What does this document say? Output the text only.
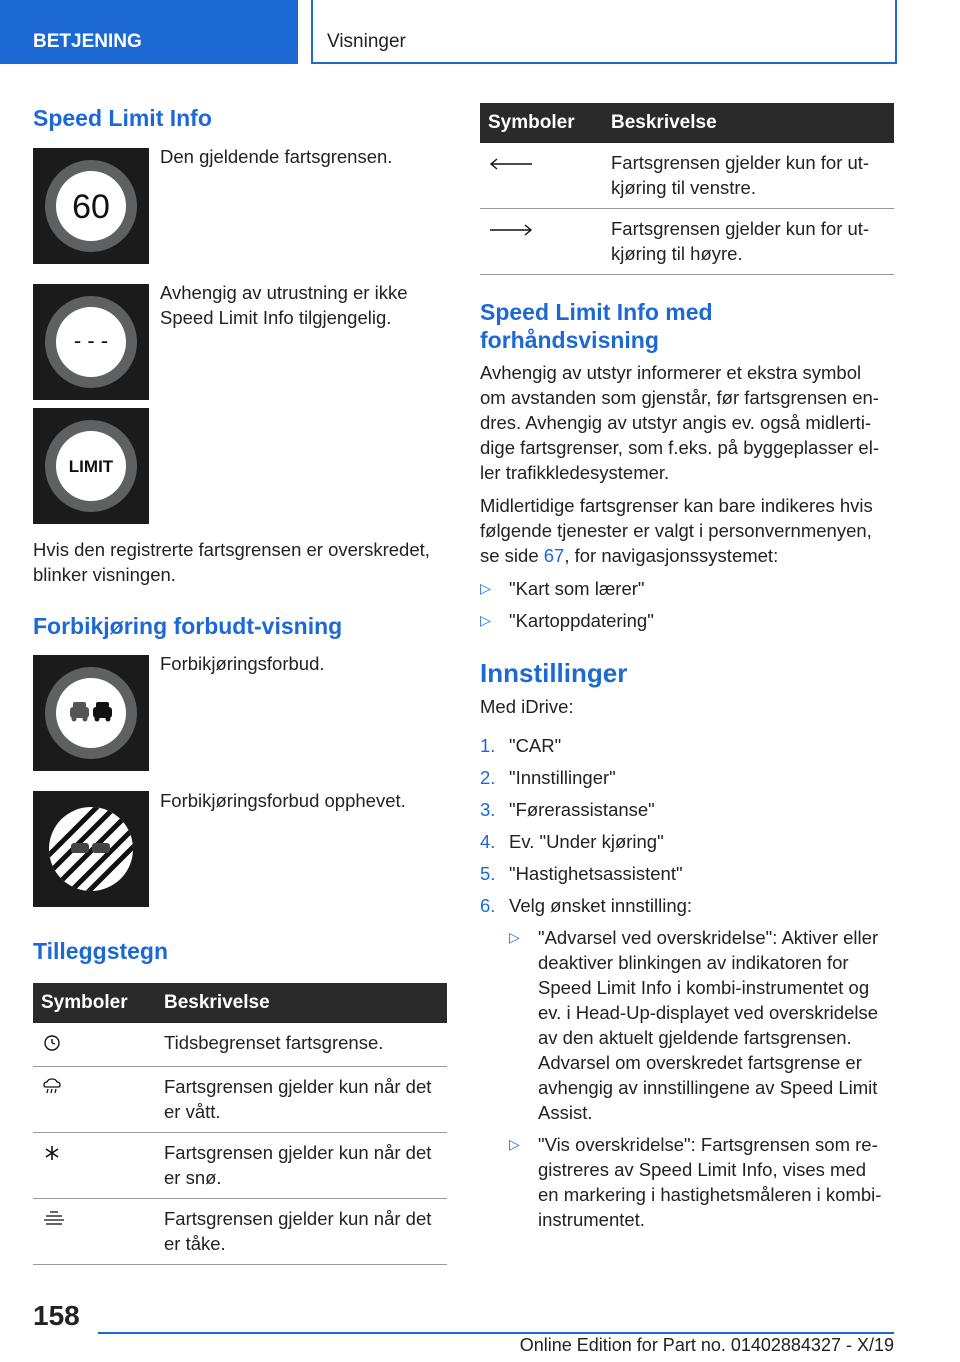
BETJENING	Visninger
Speed Limit Info
60
Den gjeldende fartsgrensen.
- - -
Avhengig av utrustning er ikke
Speed Limit Info tilgjengelig.
LIMIT
Hvis den registrerte fartsgrensen er overskredet,
blinker visningen.
Forbikjøring forbudt-visning
Forbikjøringsforbud.
Forbikjøringsforbud opphevet.
Tilleggstegn
Symboler	Beskrivelse

Tidsbegrenset fartsgrense.

Fartsgrensen gjelder kun når det
er vått.

Fartsgrensen gjelder kun når det
er snø.

Fartsgrensen gjelder kun når det
er tåke.
Symboler	Beskrivelse

Fartsgrensen gjelder kun for ut-
kjøring til venstre.

Fartsgrensen gjelder kun for ut-
kjøring til høyre.
Speed Limit Info med
forhåndsvisning
Avhengig av utstyr informerer et ekstra symbol
om avstanden som gjenstår, før fartsgrensen en-
dres. Avhengig av utstyr angis ev. også midlerti-
dige fartsgrenser, som f.eks. på byggeplasser el-
ler trafikkledesystemer.
Midlertidige fartsgrenser kan bare indikeres hvis
følgende tjenester er valgt i personvernmenyen,
se side 67, for navigasjonssystemet:
▷ "Kart som lærer"
▷ "Kartoppdatering"
Innstillinger
Med iDrive:
1. "CAR"
2. "Innstillinger"
3. "Førerassistanse"
4. Ev. "Under kjøring"
5. "Hastighetsassistent"
6. Velg ønsket innstilling:
▷ "Advarsel ved overskridelse": Aktiver eller
deaktiver blinkingen av indikatoren for
Speed Limit Info i kombi-instrumentet og
ev. i Head-Up-displayet ved overskridelse
av den aktuelt gjeldende fartsgrensen.
Advarsel om overskredet fartsgrense er
avhengig av innstillingene av Speed Limit
Assist.
▷ "Vis overskridelse": Fartsgrensen som re-
gistreres av Speed Limit Info, vises med
en markering i hastighetsmåleren i kombi-
instrumentet.
158
Online Edition for Part no. 01402884327 - X/19
